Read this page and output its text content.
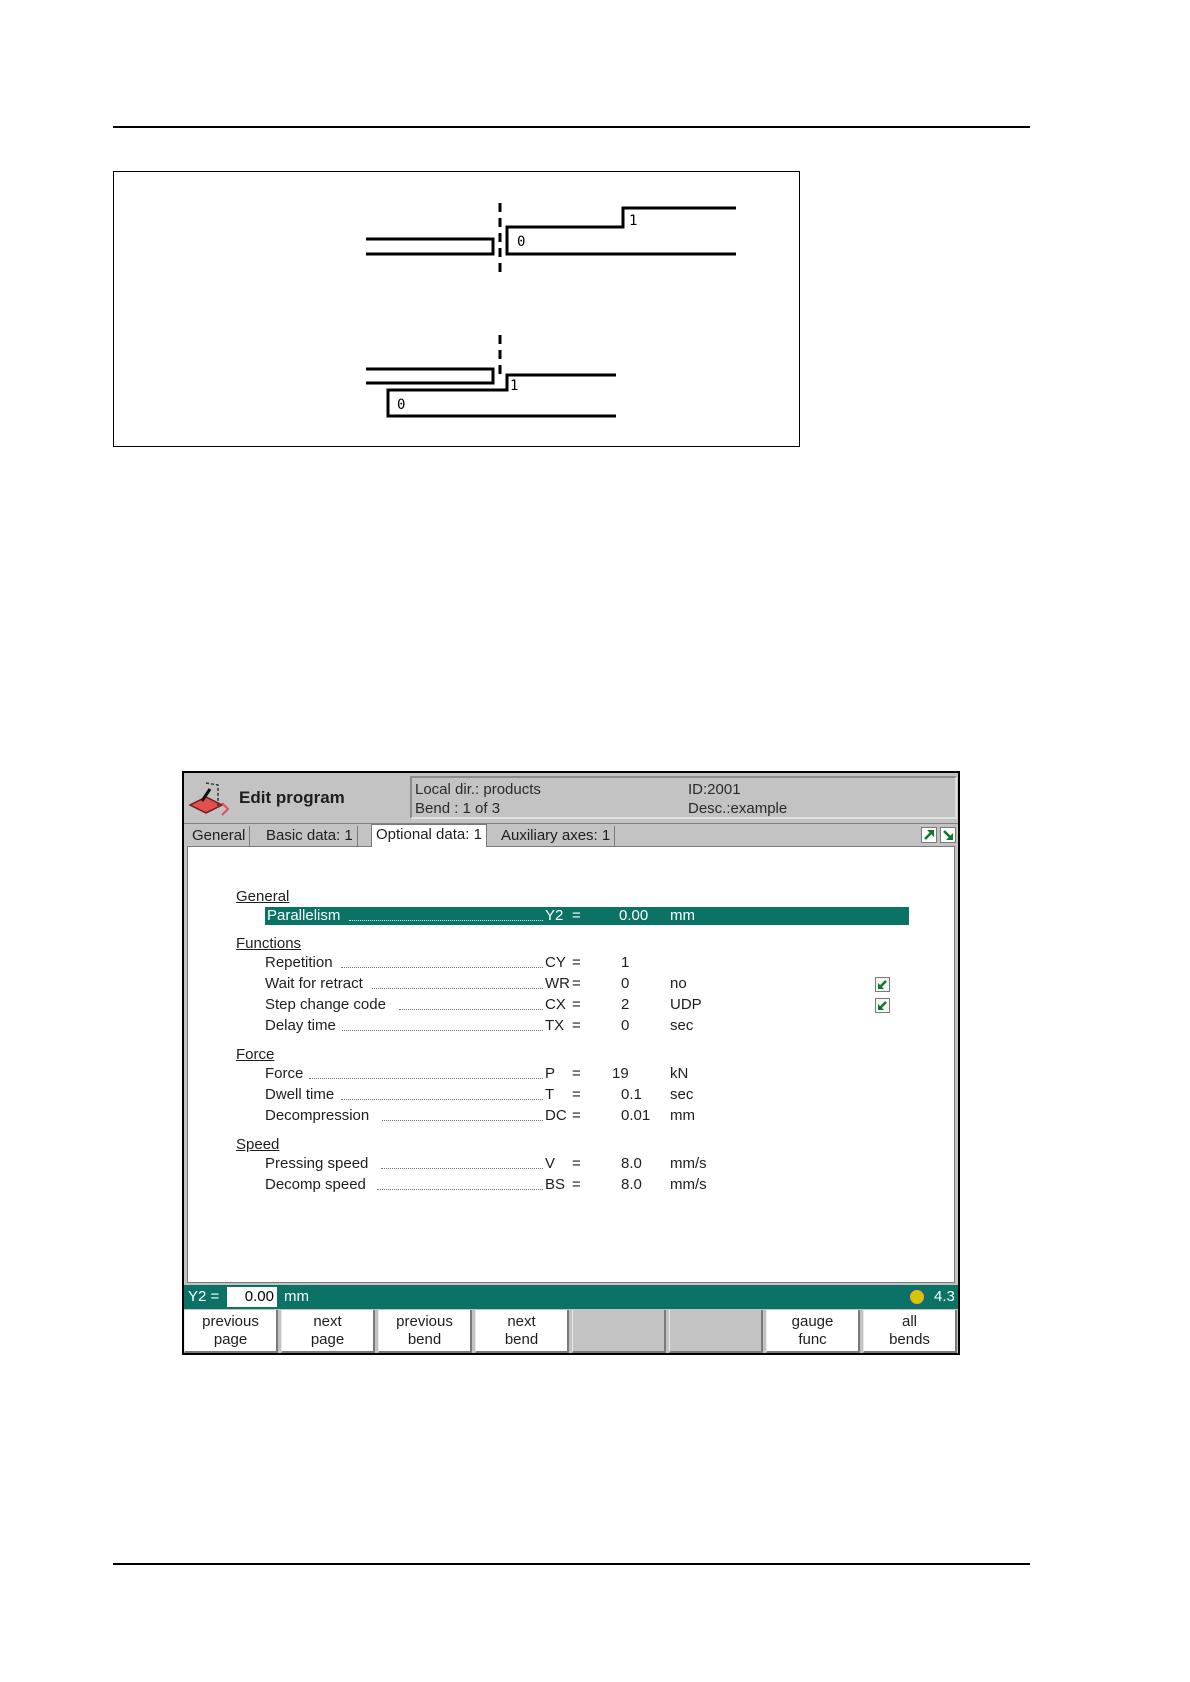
0
1
1
0
Edit program	Local dir.: products
Bend : 1 of 3
ID:2001
Desc.:example
General	Basic data: 1	Optional data: 1	Auxiliary axes: 1
General
Parallelism	Y2 =	0.00 mm
Functions
Repetition	CY =	1
Wait for retract	WR =	0	no
Step change code	CX =	2	UDP
Delay time	TX =	0	sec
Force
Force	P = 19	kN
Dwell time	T =	0.1 sec
Decompression	DC =	0.01 mm
Speed
Pressing speed	V =	8.0 mm/s
Decomp speed	BS =	8.0 mm/s
Y2 =	0.00 mm	4.3
previous
page
next
page
previous
bend
next
bend
gauge
func
all
bends
